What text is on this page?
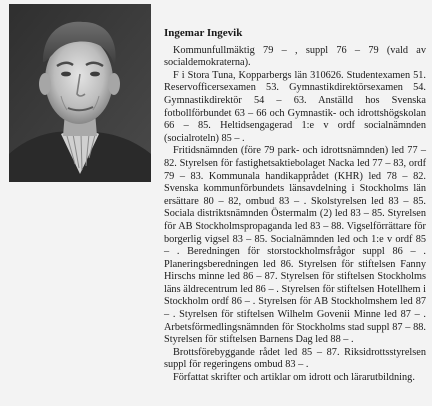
Ingemar Ingevik

Kommunfullmäktig 79 – , suppl 76 – 79 (vald av socialdemokraterna).

F i Stora Tuna, Kopparbergs län 310626. Studentexamen 51. Reservofficersexamen 53. Gymnastikdirektörsexamen 54. Gymnastikdirektör 54 – 63. Anställd hos Svenska fotbollförbundet 63 – 66 och Gymnastik- och idrottshögskolan 66 – 85. Heltidsengagerad 1:e v ordf socialnämnden (socialroteln) 85 – .

Fritidsnämnden (före 79 park- och idrottsnämnden) led 77 – 82. Styrelsen för fastighetsaktiebolaget Nacka led 77 – 83, ordf 79 – 83. Kommunala handikapprådet (KHR) led 78 – 82. Svenska kommunförbundets länsavdelning i Stockholms län ersättare 80 – 82, ombud 83 – . Skolstyrelsen led 83 – 85. Sociala distriktsnämnden Östermalm (2) led 83 – 85. Styrelsen för AB Stockholmspropaganda led 83 – 88. Vigselförrättare för borgerlig vigsel 83 – 85. Socialnämnden led och 1:e v ordf 85 – . Beredningen för storstockholmsfrågor suppl 86 – . Planeringsberedningen led 86. Styrelsen för stiftelsen Fanny Hirschs minne led 86 – 87. Styrelsen för stiftelsen Stockholms läns äldrecentrum led 86 – . Styrelsen för stiftelsen Hotellhem i Stockholm ordf 86 – . Styrelsen för AB Stockholmshem led 87 – . Styrelsen för stiftelsen Wilhelm Govenii Minne led 87 – . Arbetsförmedlingsnämnden för Stockholms stad suppl 87 – 88. Styrelsen för stiftelsen Barnens Dag led 88 – .

Brottsförebyggande rådet led 85 – 87. Riksidrottsstyrelsen suppl för regeringens ombud 83 – .

Författat skrifter och artiklar om idrott och lärarutbildning.
